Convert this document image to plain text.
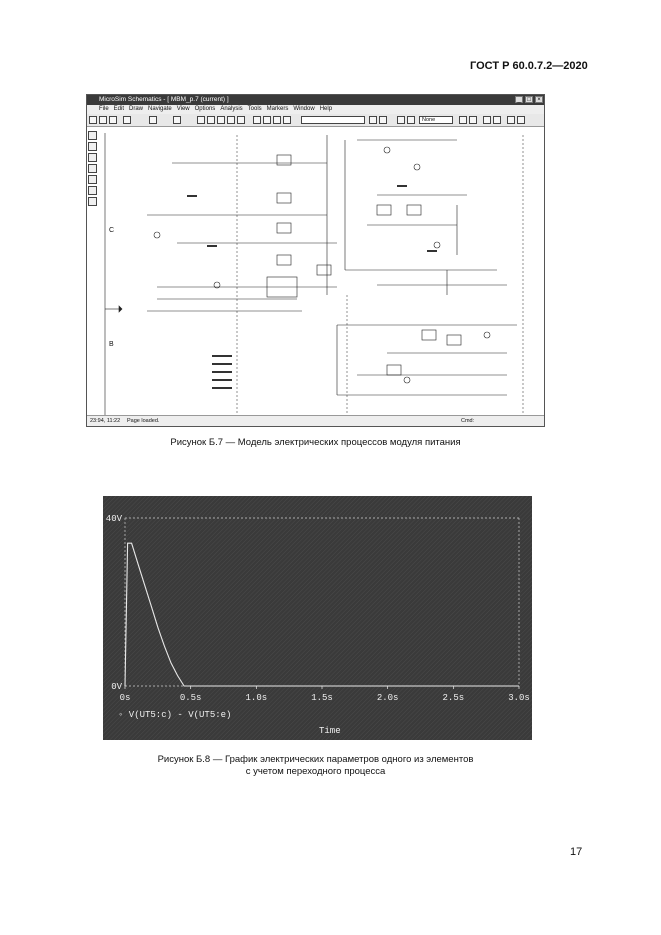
ГОСТ Р 60.0.7.2—2020
MicroSim Schematics - [ MBM_p.7 (current) ]	_	□	×
File Edit Draw Navigate View Options Analysis Tools Markers Window Help
None
C
B
23:94, 11:22 Page loaded.	Cmd:
Рисунок Б.7 — Модель электрических процессов модуля питания
0s	0.5s	1.0s	1.5s	2.0s	2.5s	3.0s
0V
40V
◦ V(UT5:c) - V(UT5:e)
Time
Рисунок Б.8 — График электрических параметров одного из элементов
с учетом переходного процесса
17
